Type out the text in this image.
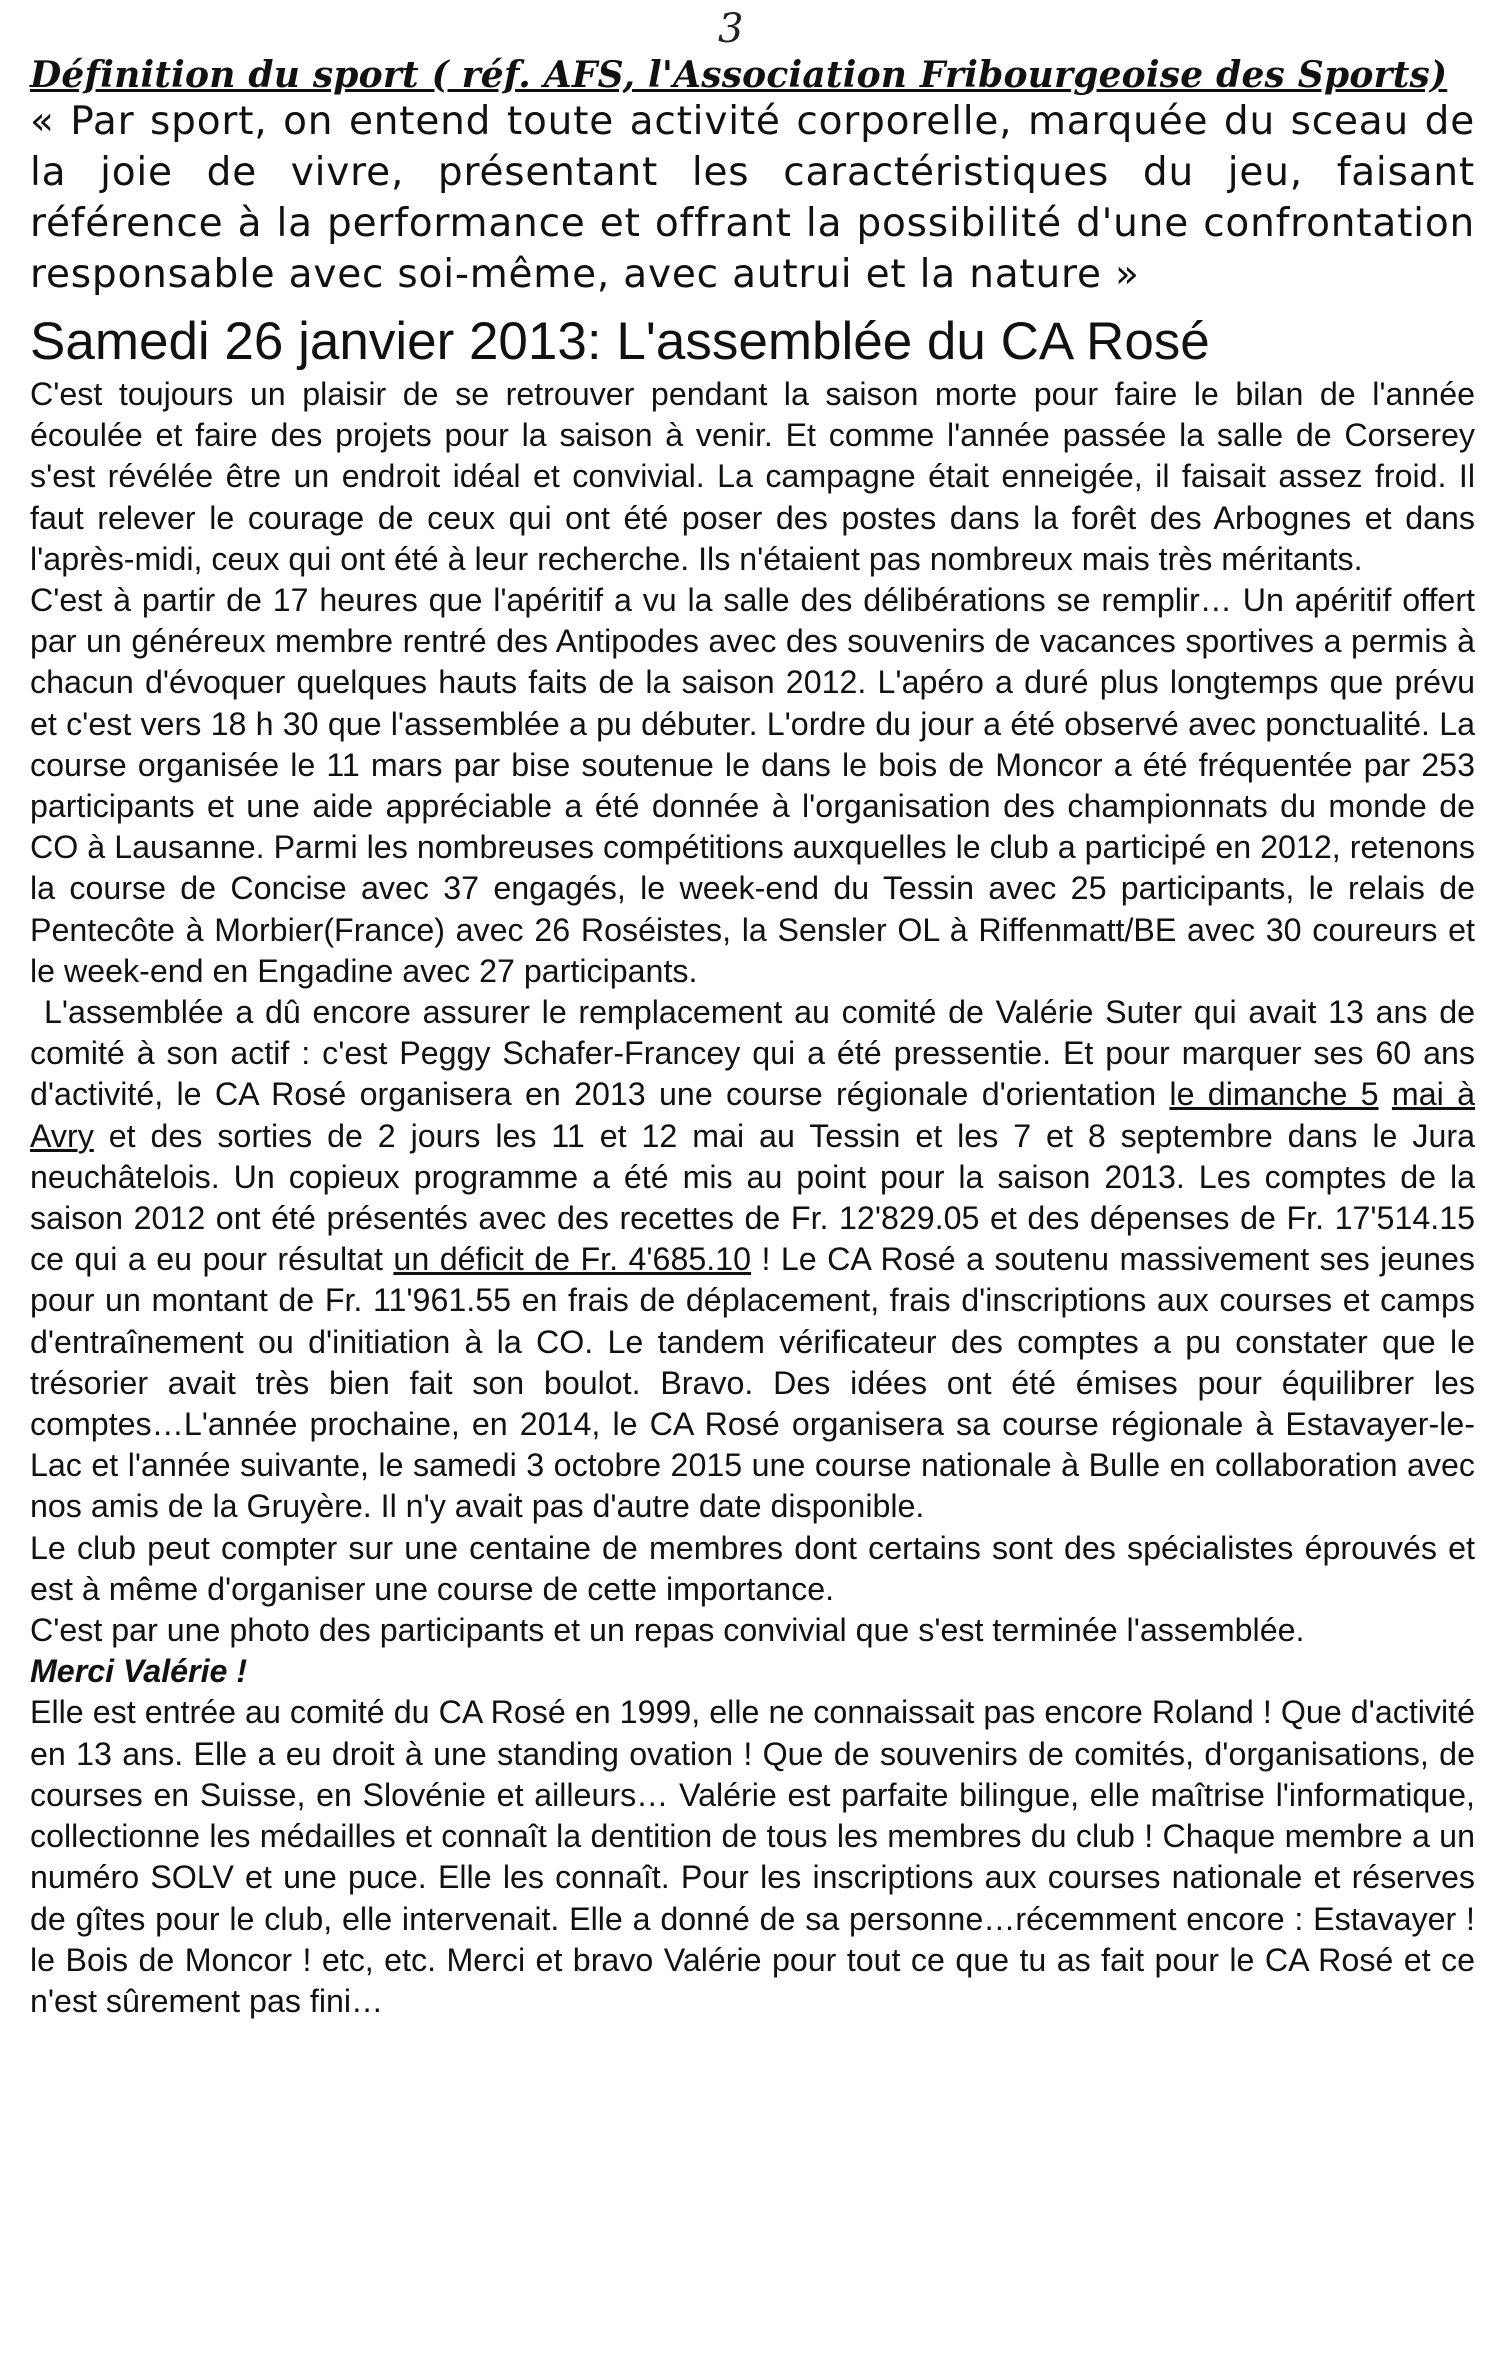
3

Définition du sport ( réf. AFS, l'Association Fribourgeoise des Sports)

« Par sport, on entend toute activité corporelle, marquée du sceau de la joie de vivre, présentant les caractéristiques du jeu, faisant référence à la performance et offrant la possibilité d'une confrontation responsable avec soi-même, avec autrui et la nature »

Samedi 26 janvier 2013: L'assemblée du CA Rosé

C'est toujours un plaisir de se retrouver pendant la saison morte pour faire le bilan de l'année écoulée et faire des projets pour la saison à venir. Et comme l'année passée la salle de Corserey s'est révélée être un endroit idéal et convivial. La campagne était enneigée, il faisait assez froid. Il faut relever le courage de ceux qui ont été poser des postes dans la forêt des Arbognes et dans l'après-midi, ceux qui ont été à leur recherche. Ils n'étaient pas nombreux mais très méritants.

C'est à partir de 17 heures que l'apéritif a vu la salle des délibérations se remplir… Un apéritif offert par un généreux membre rentré des Antipodes avec des souvenirs de vacances sportives a permis à chacun d'évoquer quelques hauts faits de la saison 2012. L'apéro a duré plus longtemps que prévu et c'est vers 18 h 30 que l'assemblée a pu débuter. L'ordre du jour a été observé avec ponctualité. La course organisée le 11 mars par bise soutenue le dans le bois de Moncor a été fréquentée par 253 participants et une aide appréciable a été donnée à l'organisation des championnats du monde de CO à Lausanne. Parmi les nombreuses compétitions auxquelles le club a participé en 2012, retenons la course de Concise avec 37 engagés, le week-end du Tessin avec 25 participants, le relais de Pentecôte à Morbier(France) avec 26 Roséistes, la Sensler OL à Riffenmatt/BE avec 30 coureurs et le week-end en Engadine avec 27 participants.

L'assemblée a dû encore assurer le remplacement au comité de Valérie Suter qui avait 13 ans de comité à son actif : c'est Peggy Schafer-Francey qui a été pressentie. Et pour marquer ses 60 ans d'activité, le CA Rosé organisera en 2013 une course régionale d'orientation le dimanche 5 mai à Avry et des sorties de 2 jours les 11 et 12 mai au Tessin et les 7 et 8 septembre dans le Jura neuchâtelois. Un copieux programme a été mis au point pour la saison 2013. Les comptes de la saison 2012 ont été présentés avec des recettes de Fr. 12'829.05 et des dépenses de Fr. 17'514.15 ce qui a eu pour résultat un déficit de Fr. 4'685.10 ! Le CA Rosé a soutenu massivement ses jeunes pour un montant de Fr. 11'961.55 en frais de déplacement, frais d'inscriptions aux courses et camps d'entraînement ou d'initiation à la CO. Le tandem vérificateur des comptes a pu constater que le trésorier avait très bien fait son boulot. Bravo. Des idées ont été émises pour équilibrer les comptes…L'année prochaine, en 2014, le CA Rosé organisera sa course régionale à Estavayer-le-Lac et l'année suivante, le samedi 3 octobre 2015 une course nationale à Bulle en collaboration avec nos amis de la Gruyère. Il n'y avait pas d'autre date disponible.

Le club peut compter sur une centaine de membres dont certains sont des spécialistes éprouvés et est à même d'organiser une course de cette importance.

C'est par une photo des participants et un repas convivial que s'est terminée l'assemblée.

Merci Valérie !

Elle est entrée au comité du CA Rosé en 1999, elle ne connaissait pas encore Roland ! Que d'activité en 13 ans. Elle a eu droit à une standing ovation ! Que de souvenirs de comités, d'organisations, de courses en Suisse, en Slovénie et ailleurs… Valérie est parfaite bilingue, elle maîtrise l'informatique, collectionne les médailles et connaît la dentition de tous les membres du club ! Chaque membre a un numéro SOLV et une puce. Elle les connaît. Pour les inscriptions aux courses nationale et réserves de gîtes pour le club, elle intervenait. Elle a donné de sa personne…récemment encore : Estavayer ! le Bois de Moncor ! etc, etc. Merci et bravo Valérie pour tout ce que tu as fait pour le CA Rosé et ce n'est sûrement pas fini…
